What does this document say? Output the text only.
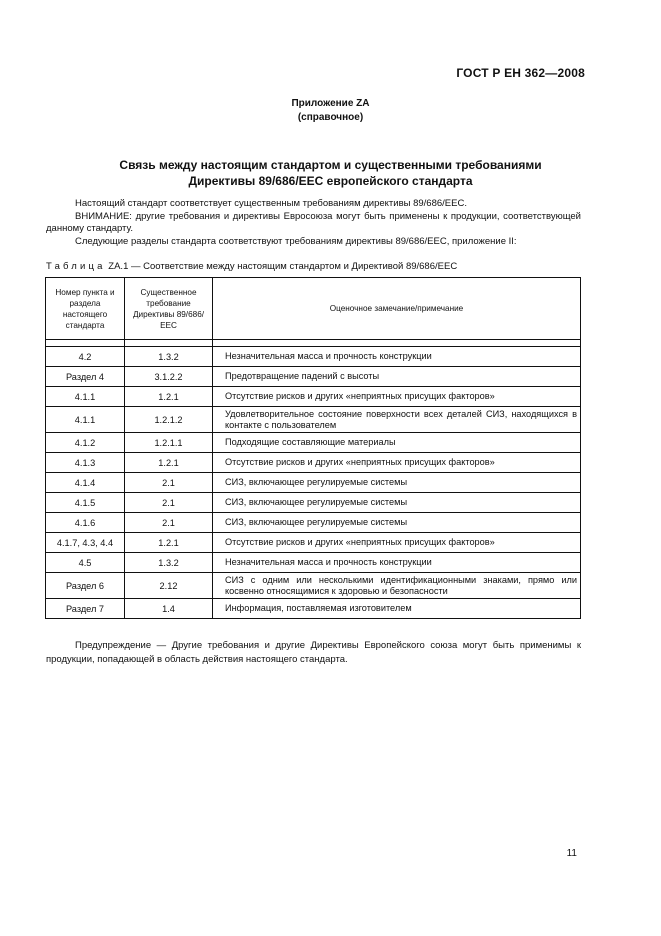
ГОСТ Р ЕН 362—2008
Приложение ZA
(справочное)
Связь между настоящим стандартом и существенными требованиями
Директивы 89/686/ЕЕС европейского стандарта

Настоящий стандарт соответствует существенным требованиям директивы 89/686/ЕЕС.

ВНИМАНИЕ: другие требования и директивы Евросоюза могут быть применены к продукции, соответствующей данному стандарту.

Следующие разделы стандарта соответствуют требованиям директивы 89/686/ЕЕС, приложение II:

Таблица ZA.1 — Соответствие между настоящим стандартом и Директивой 89/686/ЕЕС
Номер пункта и раздела настоящего стандарта	Существенное требование Директивы 89/686/ЕЕС	Оценочное замечание/примечание

4.2	1.3.2	Незначительная масса и прочность конструкции
Раздел 4	3.1.2.2	Предотвращение падений с высоты
4.1.1	1.2.1	Отсутствие рисков и других «неприятных присущих факторов»
4.1.1	1.2.1.2	Удовлетворительное состояние поверхности всех деталей СИЗ, находящихся в контакте с пользователем
4.1.2	1.2.1.1	Подходящие составляющие материалы
4.1.3	1.2.1	Отсутствие рисков и других «неприятных присущих факторов»
4.1.4	2.1	СИЗ, включающее регулируемые системы
4.1.5	2.1	СИЗ, включающее регулируемые системы
4.1.6	2.1	СИЗ, включающее регулируемые системы
4.1.7, 4.3, 4.4	1.2.1	Отсутствие рисков и других «неприятных присущих факторов»
4.5	1.3.2	Незначительная масса и прочность конструкции
Раздел 6	2.12	СИЗ с одним или несколькими идентификационными знаками, прямо или косвенно относящимися к здоровью и безопасности
Раздел 7	1.4	Информация, поставляемая изготовителем
Предупреждение — Другие требования и другие Директивы Европейского союза могут быть применимы к продукции, попадающей в область действия настоящего стандарта.
11
